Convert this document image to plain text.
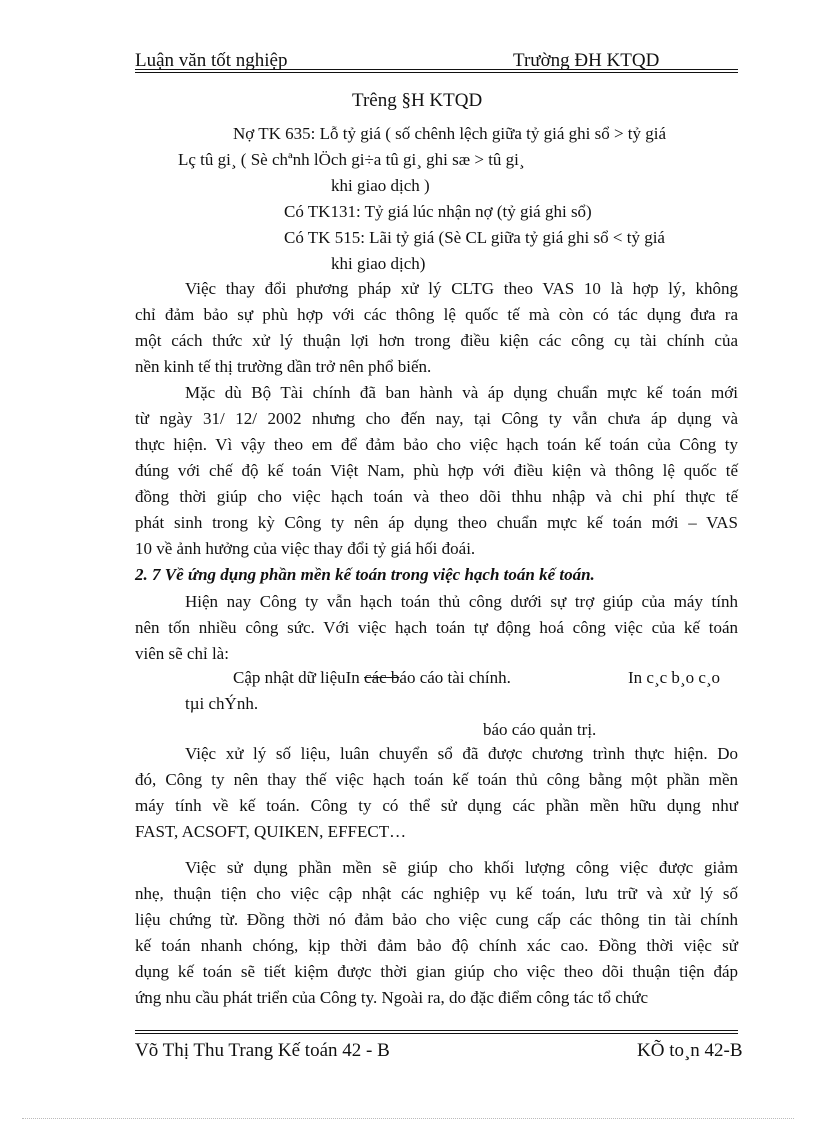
Luận văn tốt nghiệp	Trường ĐH KTQD
Trêng §H KTQD
Nợ TK 635: Lỗ tỷ giá ( số chênh lệch giữa tỷ giá ghi sổ > tỷ giá
Lç tû gi¸ ( Sè chªnh lÖch gi÷a tû gi¸ ghi sæ > tû gi¸
khi giao dịch )
Có TK131: Tỷ giá lúc nhận nợ (tỷ giá ghi sổ)
Có TK 515: Lãi tỷ giá (Sè CL giữa tỷ giá ghi sổ < tỷ giá
khi giao dịch)
Việc thay đổi phương pháp xử lý CLTG theo VAS 10 là hợp lý, không
chỉ đảm bảo sự phù hợp với các thông lệ quốc tế mà còn có tác dụng đưa ra
một cách thức xử lý thuận lợi hơn trong điều kiện các công cụ tài chính của
nền kinh tế thị trường dần trở nên phổ biến.
Mặc dù Bộ Tài chính đã ban hành và áp dụng chuẩn mực kế toán mới
từ ngày 31/ 12/ 2002 nhưng cho đến nay, tại Công ty vẫn chưa áp dụng và
thực hiện. Vì vậy theo em để đảm bảo cho việc hạch toán kế toán của Công ty
đúng với chế độ kế toán Việt Nam, phù hợp với điều kiện và thông lệ quốc tế
đồng thời giúp cho việc hạch toán và theo dõi thhu nhập và chi phí thực tế
phát sinh trong kỳ Công ty nên áp dụng theo chuẩn mực kế toán mới – VAS
10 về ảnh hưởng của việc thay đổi tỷ giá hối đoái.
2. 7 Về ứng dụng phần mền kế toán trong việc hạch toán kế toán.
Hiện nay Công ty vẫn hạch toán thủ công dưới sự trợ giúp của máy tính
nên tốn nhiều công sức. Với việc hạch toán tự động hoá công việc của kế toán
viên sẽ chỉ là:
Cập nhật dữ liệuIn các báo cáo tài chính.	In c¸c b¸o c¸o
tµi chÝnh.
báo cáo quản trị.
Việc xử lý số liệu, luân chuyển sổ đã được chương trình thực hiện. Do
đó, Công ty nên thay thế việc hạch toán kế toán thủ công bằng một phần mền
máy tính về kế toán. Công ty có thể sử dụng các phần mền hữu dụng như
FAST, ACSOFT, QUIKEN, EFFECT…
Việc sử dụng phần mền sẽ giúp cho khối lượng công việc được giảm
nhẹ, thuận tiện cho việc cập nhật các nghiệp vụ kế toán, lưu trữ và xử lý số
liệu chứng từ. Đồng thời nó đảm bảo cho việc cung cấp các thông tin tài chính
kế toán nhanh chóng, kịp thời đảm bảo độ chính xác cao. Đồng thời việc sử
dụng kế toán sẽ tiết kiệm được thời gian giúp cho việc theo dõi thuận tiện đáp
ứng nhu cầu phát triển của Công ty. Ngoài ra, do đặc điểm công tác tổ chức
Võ Thị Thu Trang Kế toán 42 - B	KÕ to¸n 42-B
